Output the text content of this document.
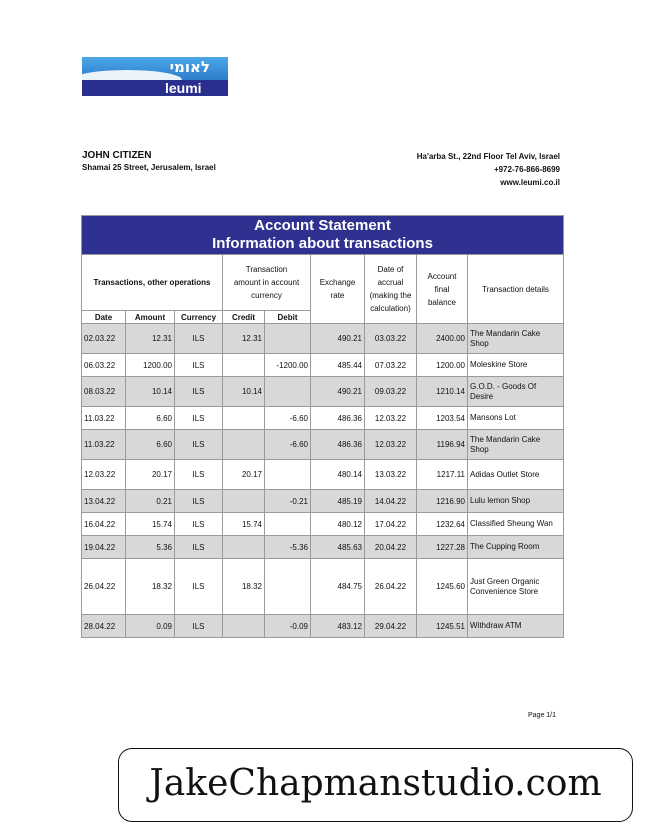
לאומי
leumi
JOHN CITIZEN
Shamai 25 Street, Jerusalem, Israel
Ha'arba St., 22nd Floor Tel Aviv, Israel
+972-76-866-8699
www.leumi.co.il
Account Statement
Information about transactions								

Transactions, other operations			Transaction amount in account currency		Exchange rate	Date of accrual (making the calculation)	Account final balance	Transaction details
Date	Amount	Currency	Credit	Debit				
02.03.22	12.31	ILS	12.31		490.21	03.03.22	2400.00	The Mandarin Cake Shop
06.03.22	1200.00	ILS		-1200.00	485.44	07.03.22	1200.00	Moleskine Store
08.03.22	10.14	ILS	10.14		490.21	09.03.22	1210.14	G.O.D. - Goods Of Desire
11.03.22	6.60	ILS		-6.60	486.36	12.03.22	1203.54	Mansons Lot
11.03.22	6.60	ILS		-6.60	486.36	12.03.22	1196.94	The Mandarin Cake Shop
12.03.22	20.17	ILS	20.17		480.14	13.03.22	1217.11	Adidas Outlet Store
13.04.22	0.21	ILS		-0.21	485.19	14.04.22	1216.90	Lulu lemon Shop
16.04.22	15.74	ILS	15.74		480.12	17.04.22	1232.64	Classified Sheung Wan
19.04.22	5.36	ILS		-5.36	485.63	20.04.22	1227.28	The Cupping Room
26.04.22	18.32	ILS	18.32		484.75	26.04.22	1245.60	Just Green Organic Convenience Store
28.04.22	0.09	ILS		-0.09	483.12	29.04.22	1245.51	Withdraw ATM
Page 1/1
JakeChapmanstudio.com
